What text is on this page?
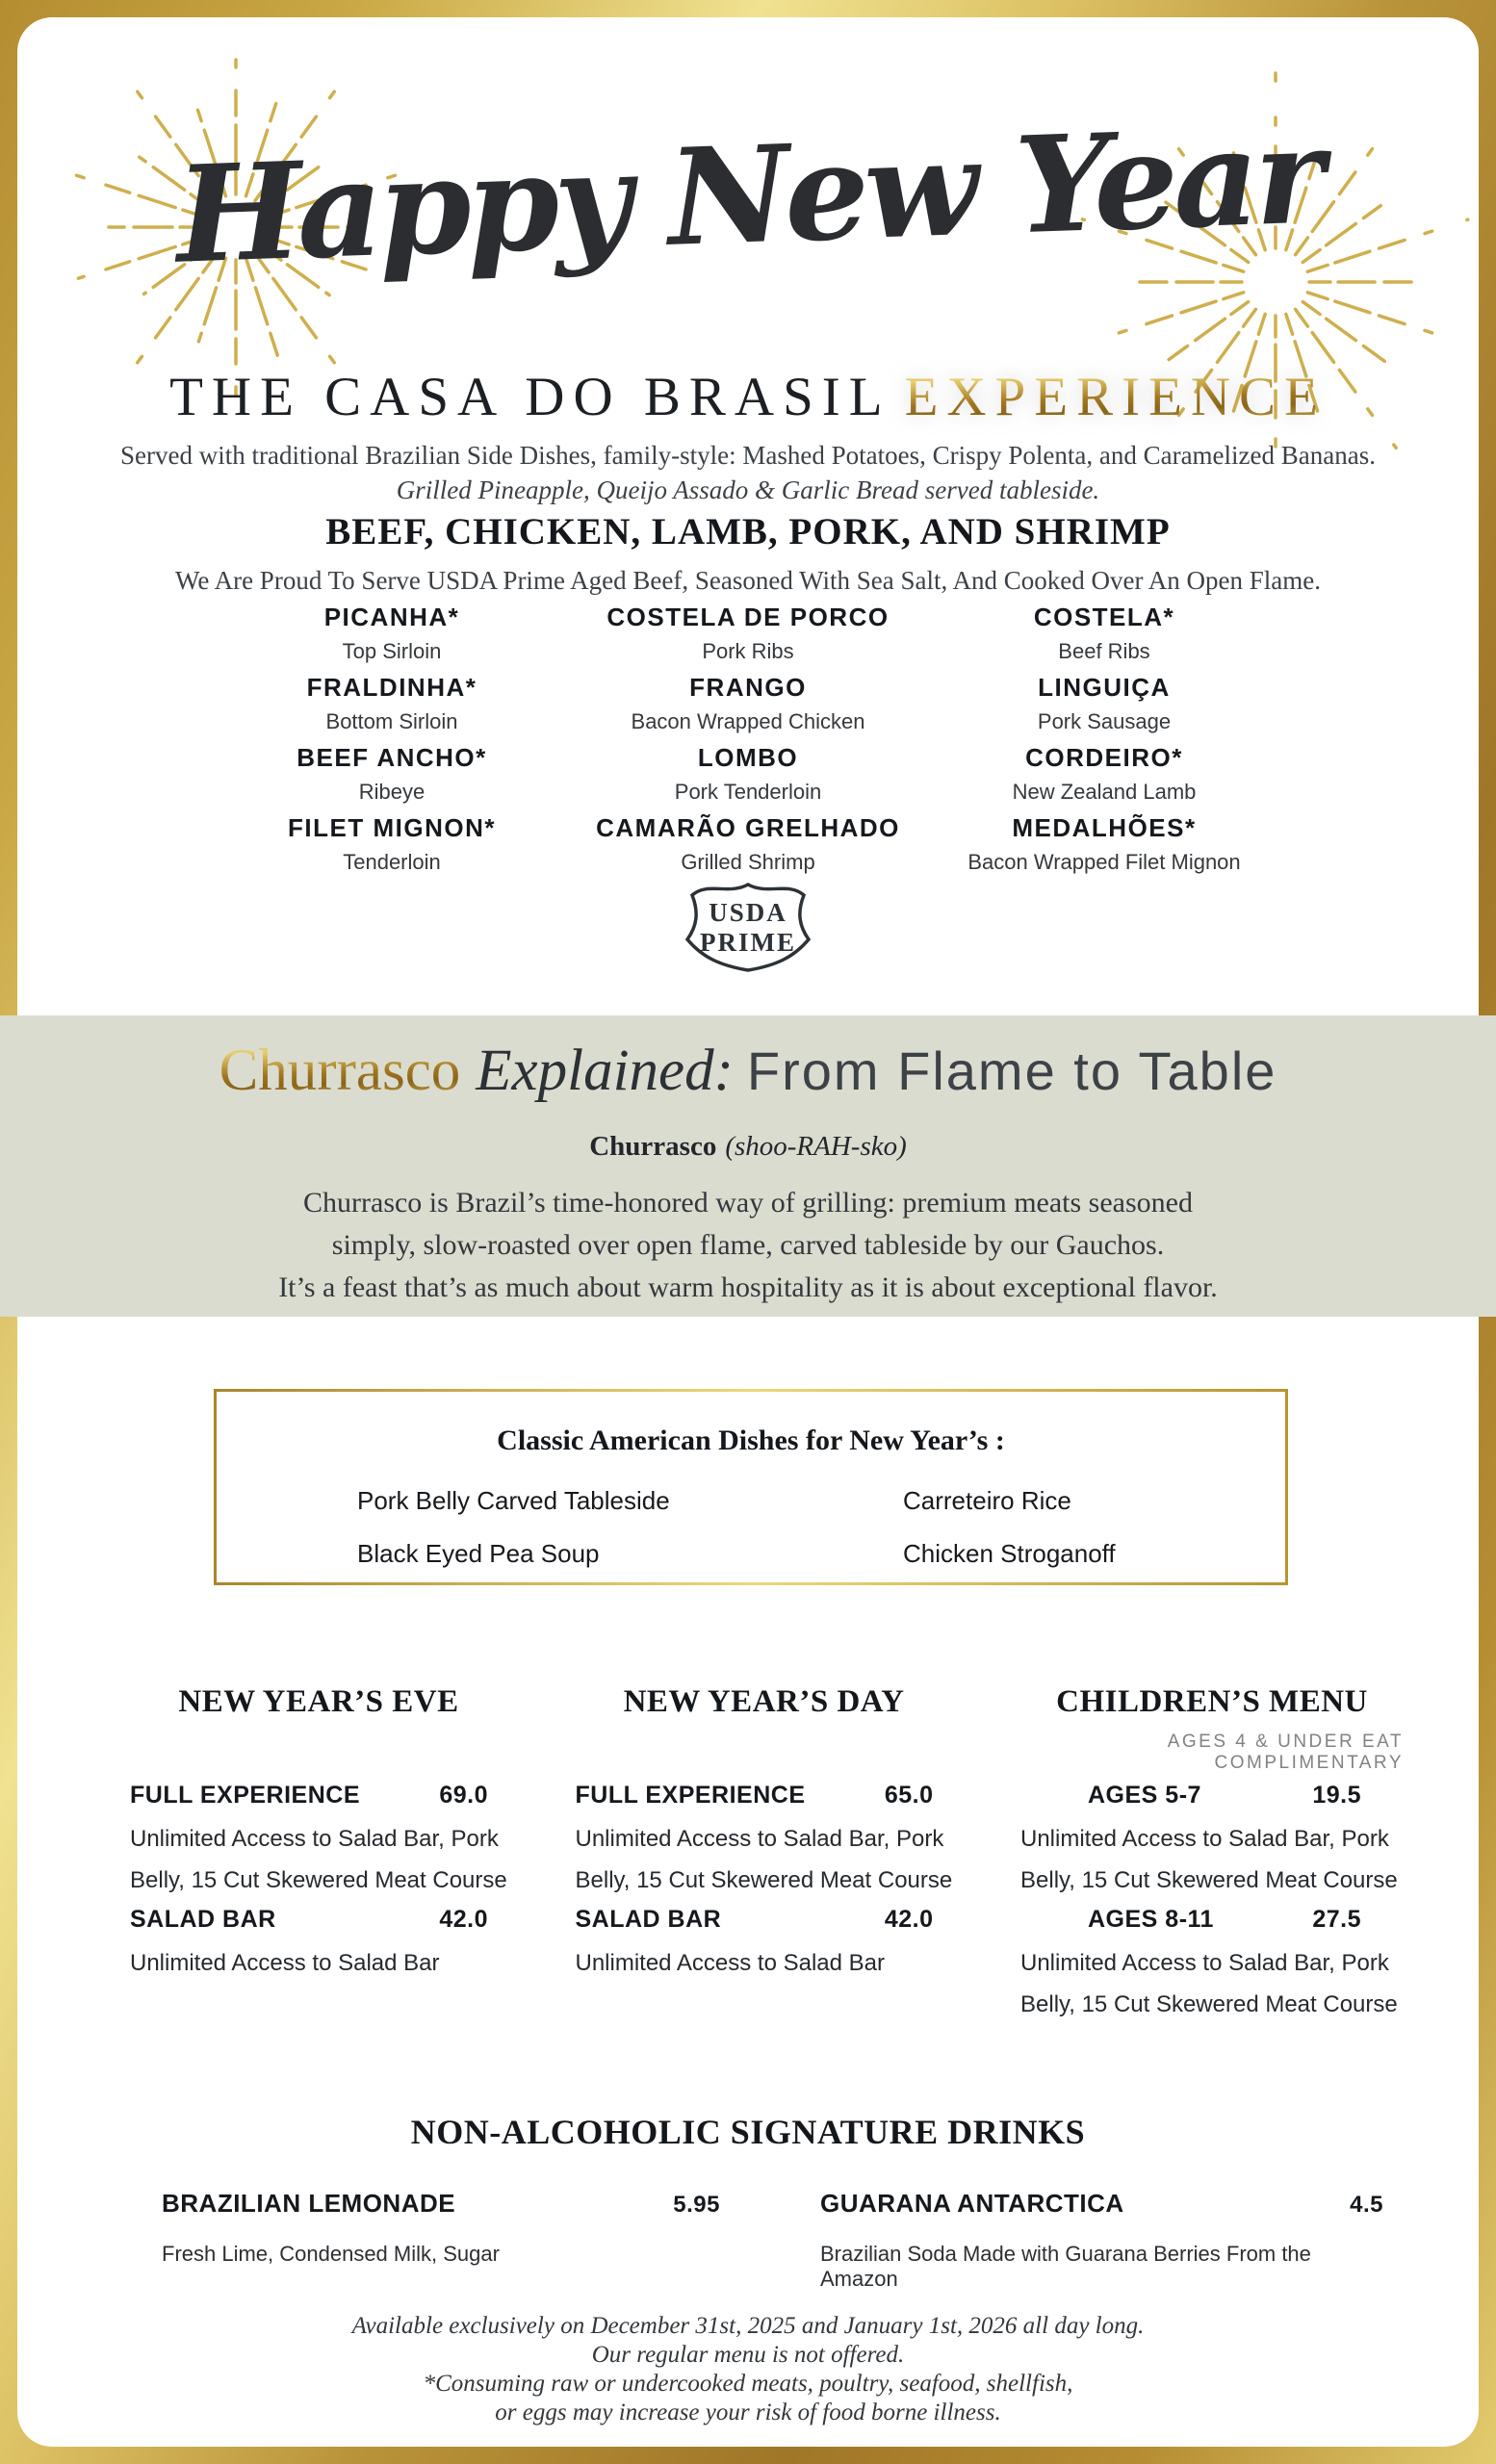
Happy New Year
THE CASA DO BRASIL EXPERIENCE
Served with traditional Brazilian Side Dishes, family-style: Mashed Potatoes, Crispy Polenta, and Caramelized Bananas.
Grilled Pineapple, Queijo Assado & Garlic Bread served tableside.
BEEF, CHICKEN, LAMB, PORK, AND SHRIMP
We Are Proud To Serve USDA Prime Aged Beef, Seasoned With Sea Salt, And Cooked Over An Open Flame.
PICANHA*
Top Sirloin
COSTELA DE PORCO
Pork Ribs
COSTELA*
Beef Ribs
FRALDINHA*
Bottom Sirloin
FRANGO
Bacon Wrapped Chicken
LINGUIÇA
Pork Sausage
BEEF ANCHO*
Ribeye
LOMBO
Pork Tenderloin
CORDEIRO*
New Zealand Lamb
FILET MIGNON*
Tenderloin
CAMARÃO GRELHADO
Grilled Shrimp
MEDALHÕES*
Bacon Wrapped Filet Mignon
USDA
PRIME
Churrasco Explained: From Flame to Table
Churrasco (shoo-RAH-sko)
Churrasco is Brazil’s time-honored way of grilling: premium meats seasoned
simply, slow-roasted over open flame, carved tableside by our Gauchos.
It’s a feast that’s as much about warm hospitality as it is about exceptional flavor.
Classic American Dishes for New Year’s :
Pork Belly Carved Tableside	Carreteiro Rice
Black Eyed Pea Soup	Chicken Stroganoff
NEW YEAR’S EVE
FULL EXPERIENCE	69.0
Unlimited Access to Salad Bar, Pork Belly, 15 Cut Skewered Meat Course
SALAD BAR	42.0
Unlimited Access to Salad Bar
NEW YEAR’S DAY
FULL EXPERIENCE	65.0
Unlimited Access to Salad Bar, Pork Belly, 15 Cut Skewered Meat Course
SALAD BAR	42.0
Unlimited Access to Salad Bar
CHILDREN’S MENU
AGES 4 & UNDER EAT COMPLIMENTARY
AGES 5-7	19.5
Unlimited Access to Salad Bar, Pork Belly, 15 Cut Skewered Meat Course
AGES 8-11	27.5
Unlimited Access to Salad Bar, Pork Belly, 15 Cut Skewered Meat Course
NON-ALCOHOLIC SIGNATURE DRINKS
BRAZILIAN LEMONADE	5.95
Fresh Lime, Condensed Milk, Sugar
GUARANA ANTARCTICA	4.5
Brazilian Soda Made with Guarana Berries From the Amazon
Available exclusively on December 31st, 2025 and January 1st, 2026 all day long.
Our regular menu is not offered.
*Consuming raw or undercooked meats, poultry, seafood, shellfish,
or eggs may increase your risk of food borne illness.
